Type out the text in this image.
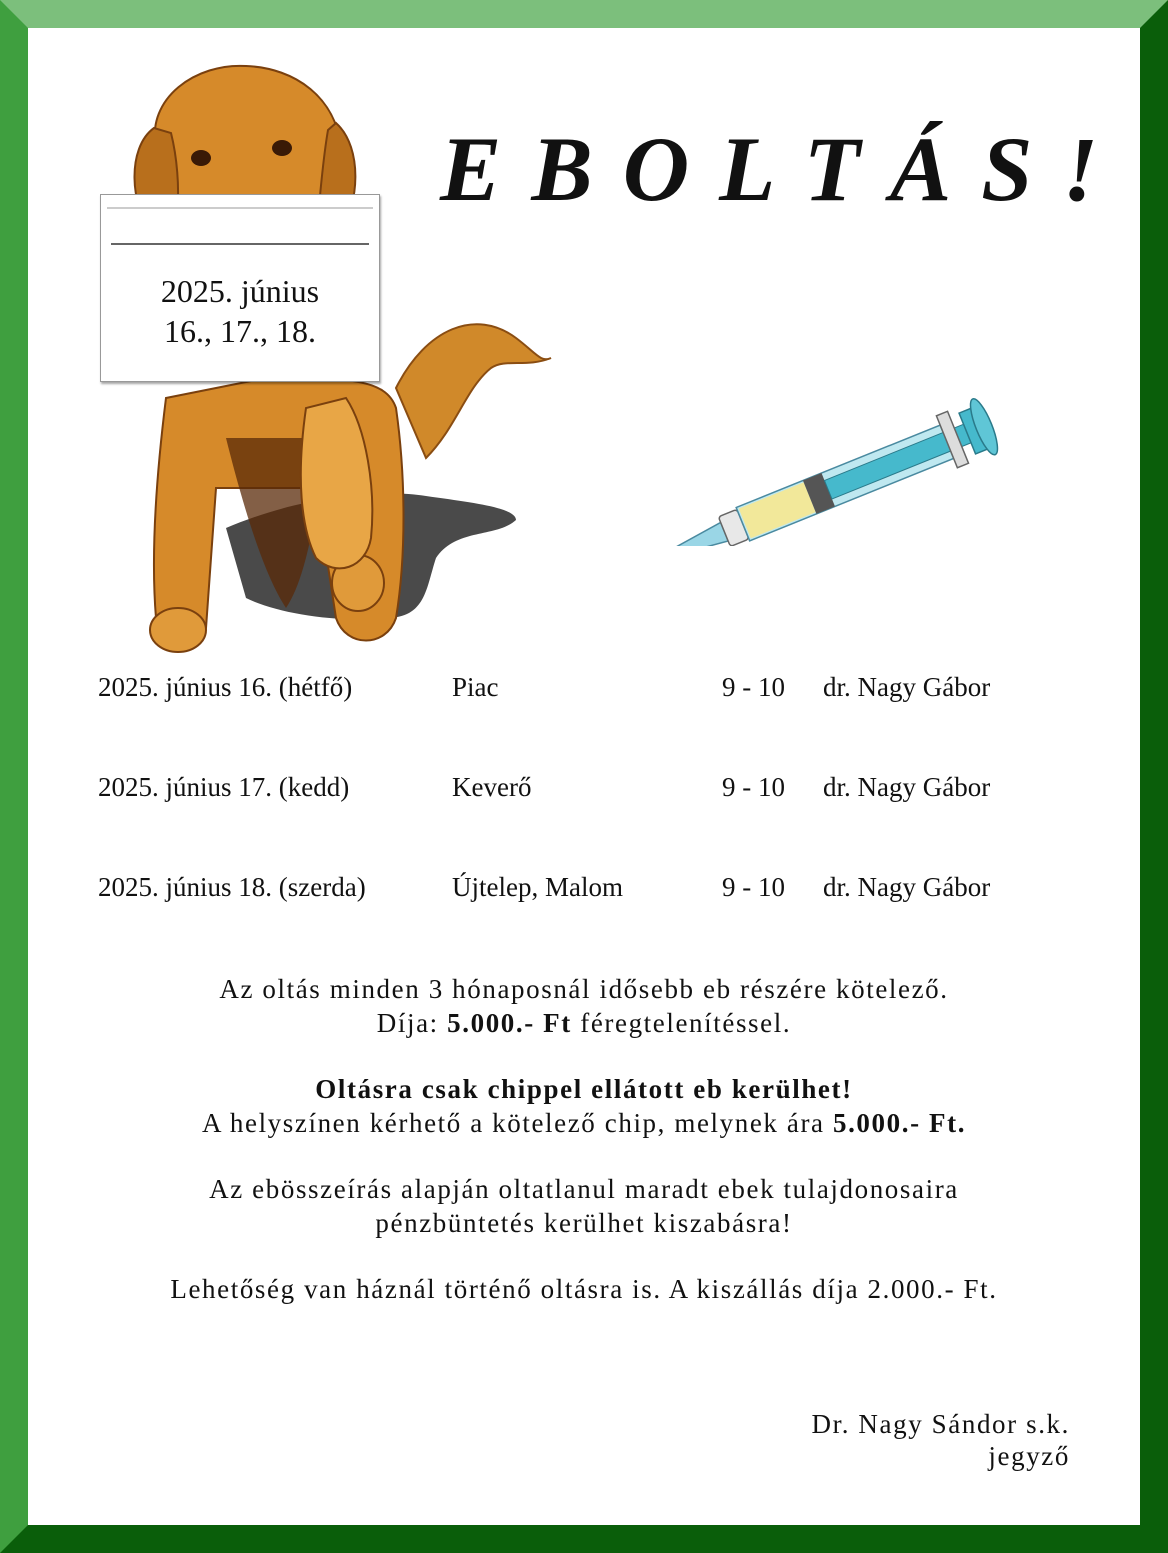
2025. június
16., 17., 18.
EBOLTÁS!
2025. június 16. (hétfő)	Piac	9 - 10 dr. Nagy Gábor
2025. június 17. (kedd)	Keverő	9 - 10 dr. Nagy Gábor
2025. június 18. (szerda)	Újtelep, Malom	9 - 10 dr. Nagy Gábor

Az oltás minden 3 hónaposnál idősebb eb részére kötelező.
Díja: 5.000.- Ft féregtelenítéssel.

Oltásra csak chippel ellátott eb kerülhet!
A helyszínen kérhető a kötelező chip, melynek ára 5.000.- Ft.

Az ebösszeírás alapján oltatlanul maradt ebek tulajdonosaira
pénzbüntetés kerülhet kiszabásra!

Lehetőség van háznál történő oltásra is. A kiszállás díja 2.000.- Ft.

Dr. Nagy Sándor s.k.
jegyző
